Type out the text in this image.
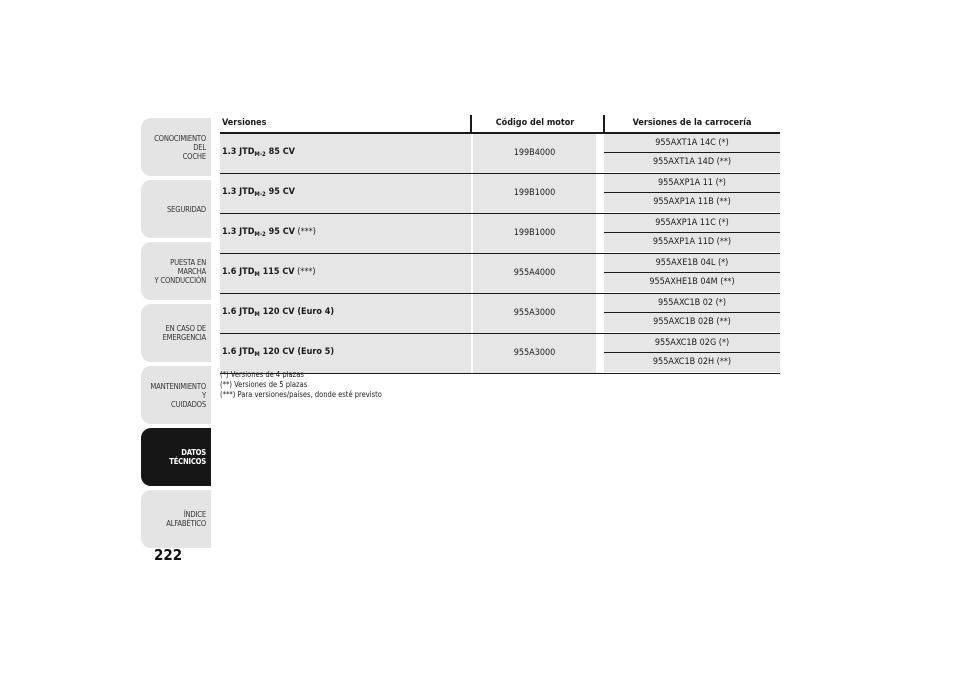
CONOCIMIENTO DEL
COCHE
SEGURIDAD
PUESTA EN MARCHA
Y CONDUCCIÓN
EN CASO DE
EMERGENCIA
MANTENIMIENTO Y
CUIDADOS
DATOS TÉCNICOS
ÍNDICE ALFABÉTICO
222
Versiones	Código del motor	Versiones de la carrocería
1.3 $JTD_{M-2}$ 85 CV	199B4000
955AXT1A 14C (*)
955AXT1A 14D (**)
1.3 $JTD_{M-2}$ 95 CV	199B1000
955AXP1A 11 (*)
955AXP1A 11B (**)
1.3 $JTD_{M-2}$ 95 CV (***)	199B1000
955AXP1A 11C (*)
955AXP1A 11D (**)
1.6 $JTD_M$ 115 CV (***)	955A4000
955AXE1B 04L (*)
955AXHE1B 04M (**)
1.6 $JTD_M$ 120 CV (Euro 4)	955A3000
955AXC1B 02 (*)
955AXC1B 02B (**)
1.6 $JTD_M$ 120 CV (Euro 5)	955A3000
955AXC1B 02G (*)
955AXC1B 02H (**)
(*) Versiones de 4 plazas
(**) Versiones de 5 plazas
(***) Para versiones/países, donde esté previsto
